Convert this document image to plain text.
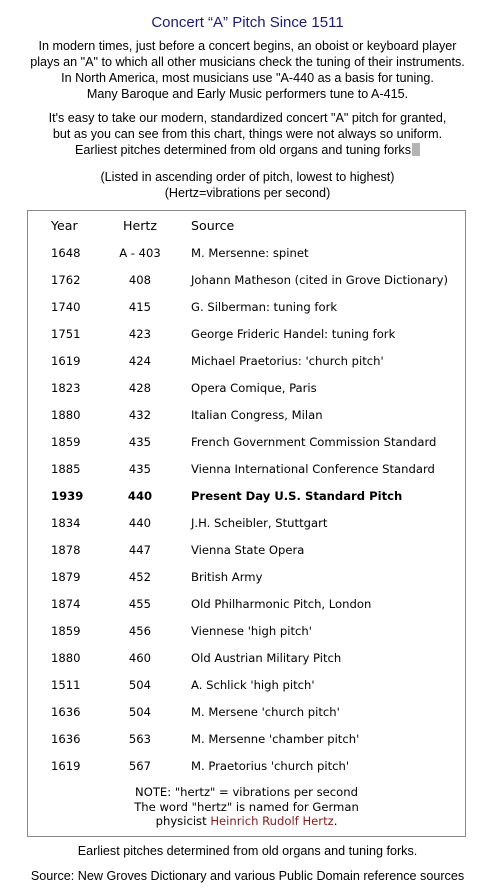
Concert “A” Pitch Since 1511
In modern times, just before a concert begins, an oboist or keyboard player
plays an "A" to which all other musicians check the tuning of their instruments.
In North America, most musicians use "A-440 as a basis for tuning.
Many Baroque and Early Music performers tune to A-415.
It's easy to take our modern, standardized concert "A" pitch for granted,
but as you can see from this chart, things were not always so uniform.
Earliest pitches determined from old organs and tuning forks
(Listed in ascending order of pitch, lowest to highest)
(Hertz=vibrations per second)
Year	Hertz	Source
1648	A - 403	M. Mersenne: spinet
1762	408	Johann Matheson (cited in Grove Dictionary)
1740	415	G. Silberman: tuning fork
1751	423	George Frideric Handel: tuning fork
1619	424	Michael Praetorius: 'church pitch'
1823	428	Opera Comique, Paris
1880	432	Italian Congress, Milan
1859	435	French Government Commission Standard
1885	435	Vienna International Conference Standard
1939	440	Present Day U.S. Standard Pitch
1834	440	J.H. Scheibler, Stuttgart
1878	447	Vienna State Opera
1879	452	British Army
1874	455	Old Philharmonic Pitch, London
1859	456	Viennese 'high pitch'
1880	460	Old Austrian Military Pitch
1511	504	A. Schlick 'high pitch'
1636	504	M. Mersene 'church pitch'
1636	563	M. Mersenne 'chamber pitch'
1619	567	M. Praetorius 'church pitch'
NOTE: "hertz" = vibrations per second
The word "hertz" is named for German
physicist Heinrich Rudolf Hertz.
Earliest pitches determined from old organs and tuning forks.
Source: New Groves Dictionary and various Public Domain reference sources
